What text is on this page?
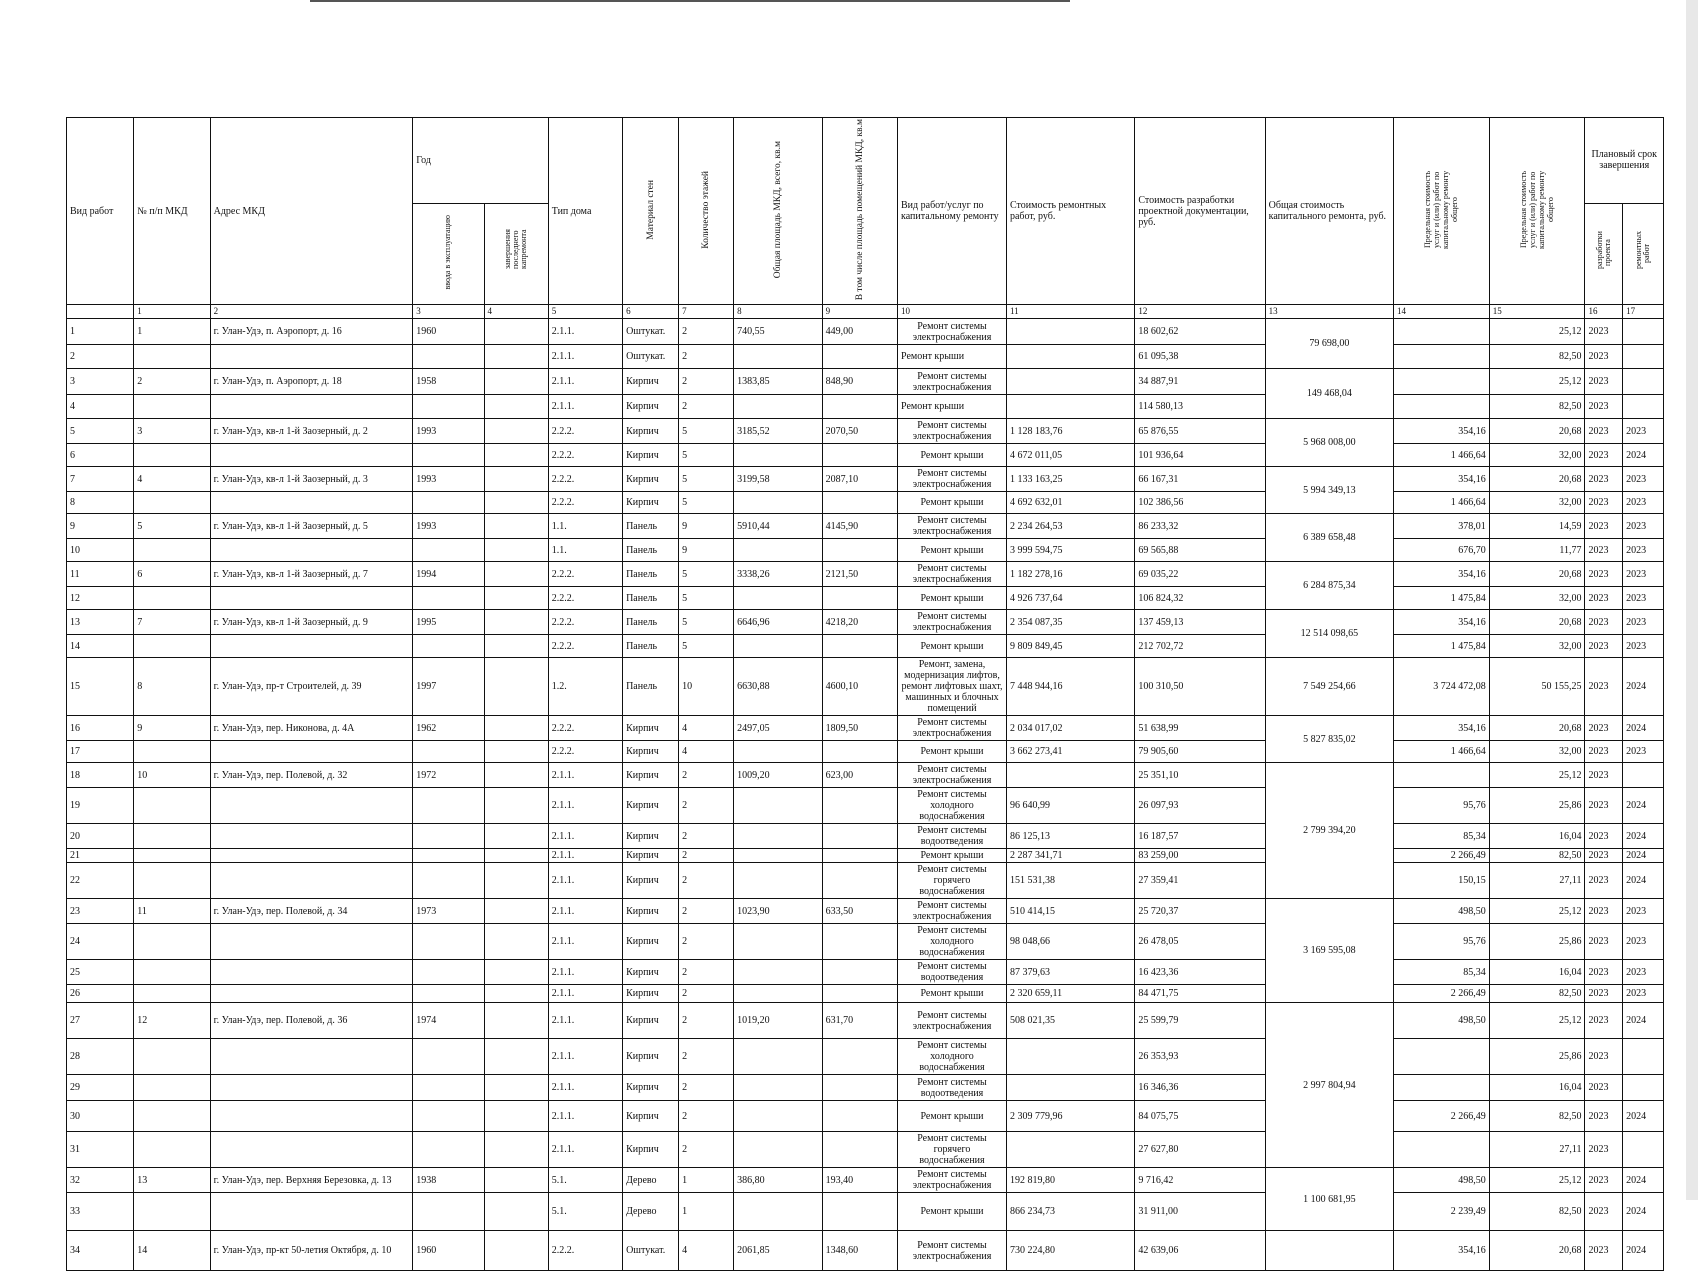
Вид работ	№ п/п МКД	Адрес МКД	Год		Тип дома	Материал стен	Количество этажей	Общая площадь МКД, всего, кв.м	В том числе площадь помещений МКД, кв.м	Вид работ/услуг по капитальному ремонту	Стоимость ремонтных работ, руб.	Стоимость разработки проектной документации, руб.	Общая стоимость капитального ремонта, руб.	Предельная стоимость услуг и (или) работ по капитальному ремонту общего	Предельная стоимость услуг и (или) работ по капитальному ремонту общего	Плановый срок завершения	
			ввода в эксплуатацию	завершения последнего капремонта												разработки проекта	ремонтных работ
	1	2	3	4	5	6	7	8	9	10	11	12	13	14	15	16	17
1	1	г. Улан-Удэ, п. Аэропорт, д. 16	1960		2.1.1.	Оштукат.	2	740,55	449,00	Ремонт системы электроснабжения		18 602,62	79 698,00		25,12	2023	
2					2.1.1.	Оштукат.	2			Ремонт крыши		61 095,38			82,50	2023	
3	2	г. Улан-Удэ, п. Аэропорт, д. 18	1958		2.1.1.	Кирпич	2	1383,85	848,90	Ремонт системы электроснабжения		34 887,91	149 468,04		25,12	2023	
4					2.1.1.	Кирпич	2			Ремонт крыши		114 580,13			82,50	2023	
5	3	г. Улан-Удэ, кв-л 1-й Заозерный, д. 2	1993		2.2.2.	Кирпич	5	3185,52	2070,50	Ремонт системы электроснабжения	1 128 183,76	65 876,55	5 968 008,00	354,16	20,68	2023	2023
6					2.2.2.	Кирпич	5			Ремонт крыши	4 672 011,05	101 936,64		1 466,64	32,00	2023	2024
7	4	г. Улан-Удэ, кв-л 1-й Заозерный, д. 3	1993		2.2.2.	Кирпич	5	3199,58	2087,10	Ремонт системы электроснабжения	1 133 163,25	66 167,31	5 994 349,13	354,16	20,68	2023	2023
8					2.2.2.	Кирпич	5			Ремонт крыши	4 692 632,01	102 386,56		1 466,64	32,00	2023	2023
9	5	г. Улан-Удэ, кв-л 1-й Заозерный, д. 5	1993		1.1.	Панель	9	5910,44	4145,90	Ремонт системы электроснабжения	2 234 264,53	86 233,32	6 389 658,48	378,01	14,59	2023	2023
10					1.1.	Панель	9			Ремонт крыши	3 999 594,75	69 565,88		676,70	11,77	2023	2023
11	6	г. Улан-Удэ, кв-л 1-й Заозерный, д. 7	1994		2.2.2.	Панель	5	3338,26	2121,50	Ремонт системы электроснабжения	1 182 278,16	69 035,22	6 284 875,34	354,16	20,68	2023	2023
12					2.2.2.	Панель	5			Ремонт крыши	4 926 737,64	106 824,32		1 475,84	32,00	2023	2023
13	7	г. Улан-Удэ, кв-л 1-й Заозерный, д. 9	1995		2.2.2.	Панель	5	6646,96	4218,20	Ремонт системы электроснабжения	2 354 087,35	137 459,13	12 514 098,65	354,16	20,68	2023	2023
14					2.2.2.	Панель	5			Ремонт крыши	9 809 849,45	212 702,72		1 475,84	32,00	2023	2023
15	8	г. Улан-Удэ, пр-т Строителей, д. 39	1997		1.2.	Панель	10	6630,88	4600,10	Ремонт, замена, модернизация лифтов, ремонт лифтовых шахт, машинных и блочных помещений	7 448 944,16	100 310,50	7 549 254,66	3 724 472,08	50 155,25	2023	2024
16	9	г. Улан-Удэ, пер. Никонова, д. 4А	1962		2.2.2.	Кирпич	4	2497,05	1809,50	Ремонт системы электроснабжения	2 034 017,02	51 638,99	5 827 835,02	354,16	20,68	2023	2024
17					2.2.2.	Кирпич	4			Ремонт крыши	3 662 273,41	79 905,60		1 466,64	32,00	2023	2023
18	10	г. Улан-Удэ, пер. Полевой, д. 32	1972		2.1.1.	Кирпич	2	1009,20	623,00	Ремонт системы электроснабжения		25 351,10	2 799 394,20		25,12	2023	
19					2.1.1.	Кирпич	2			Ремонт системы холодного водоснабжения	96 640,99	26 097,93		95,76	25,86	2023	2024
20					2.1.1.	Кирпич	2			Ремонт системы водоотведения	86 125,13	16 187,57		85,34	16,04	2023	2024
21					2.1.1.	Кирпич	2			Ремонт крыши	2 287 341,71	83 259,00		2 266,49	82,50	2023	2024
22					2.1.1.	Кирпич	2			Ремонт системы горячего водоснабжения	151 531,38	27 359,41		150,15	27,11	2023	2024
23	11	г. Улан-Удэ, пер. Полевой, д. 34	1973		2.1.1.	Кирпич	2	1023,90	633,50	Ремонт системы электроснабжения	510 414,15	25 720,37	3 169 595,08	498,50	25,12	2023	2023
24					2.1.1.	Кирпич	2			Ремонт системы холодного водоснабжения	98 048,66	26 478,05		95,76	25,86	2023	2023
25					2.1.1.	Кирпич	2			Ремонт системы водоотведения	87 379,63	16 423,36		85,34	16,04	2023	2023
26					2.1.1.	Кирпич	2			Ремонт крыши	2 320 659,11	84 471,75		2 266,49	82,50	2023	2023
27	12	г. Улан-Удэ, пер. Полевой, д. 36	1974		2.1.1.	Кирпич	2	1019,20	631,70	Ремонт системы электроснабжения	508 021,35	25 599,79	2 997 804,94	498,50	25,12	2023	2024
28					2.1.1.	Кирпич	2			Ремонт системы холодного водоснабжения		26 353,93			25,86	2023	
29					2.1.1.	Кирпич	2			Ремонт системы водоотведения		16 346,36			16,04	2023	
30					2.1.1.	Кирпич	2			Ремонт крыши	2 309 779,96	84 075,75		2 266,49	82,50	2023	2024
31					2.1.1.	Кирпич	2			Ремонт системы горячего водоснабжения		27 627,80			27,11	2023	
32	13	г. Улан-Удэ, пер. Верхняя Березовка, д. 13	1938		5.1.	Дерево	1	386,80	193,40	Ремонт системы электроснабжения	192 819,80	9 716,42	1 100 681,95	498,50	25,12	2023	2024
33					5.1.	Дерево	1			Ремонт крыши	866 234,73	31 911,00		2 239,49	82,50	2023	2024
34	14	г. Улан-Удэ, пр-кт 50-летия Октября, д. 10	1960		2.2.2.	Оштукат.	4	2061,85	1348,60	Ремонт системы электроснабжения	730 224,80	42 639,06		354,16	20,68	2023	2024
